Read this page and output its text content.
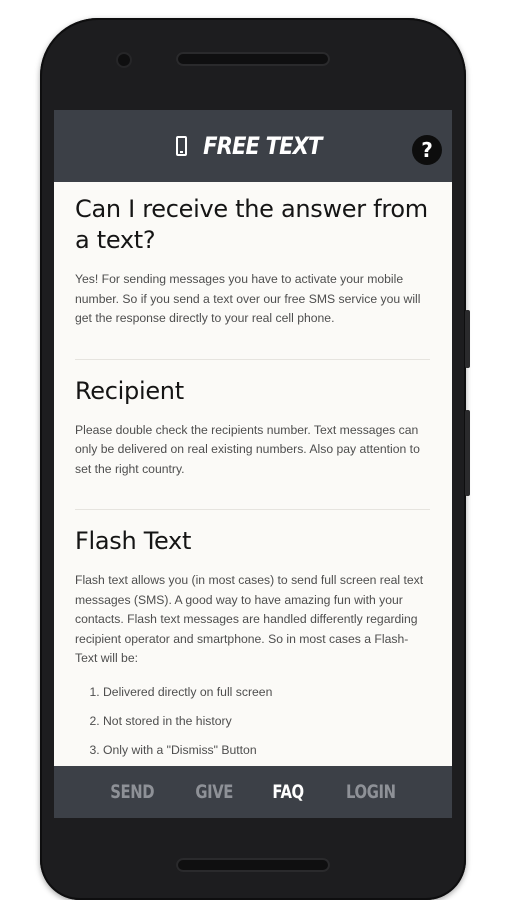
FREE TEXT	?
Can I receive the answer from a text?

Yes! For sending messages you have to activate your mobile number. So if you send a text over our free SMS service you will get the response directly to your real cell phone.

Recipient

Please double check the recipients number. Text messages can only be delivered on real existing numbers. Also pay attention to set the right country.

Flash Text

Flash text allows you (in most cases) to send full screen real text messages (SMS). A good way to have amazing fun with your contacts. Flash text messages are handled differently regarding recipient operator and smartphone. So in most cases a Flash-Text will be:

1. Delivered directly on full screen
2. Not stored in the history
3. Only with a "Dismiss" Button

SEND GIVE FAQ LOGIN
